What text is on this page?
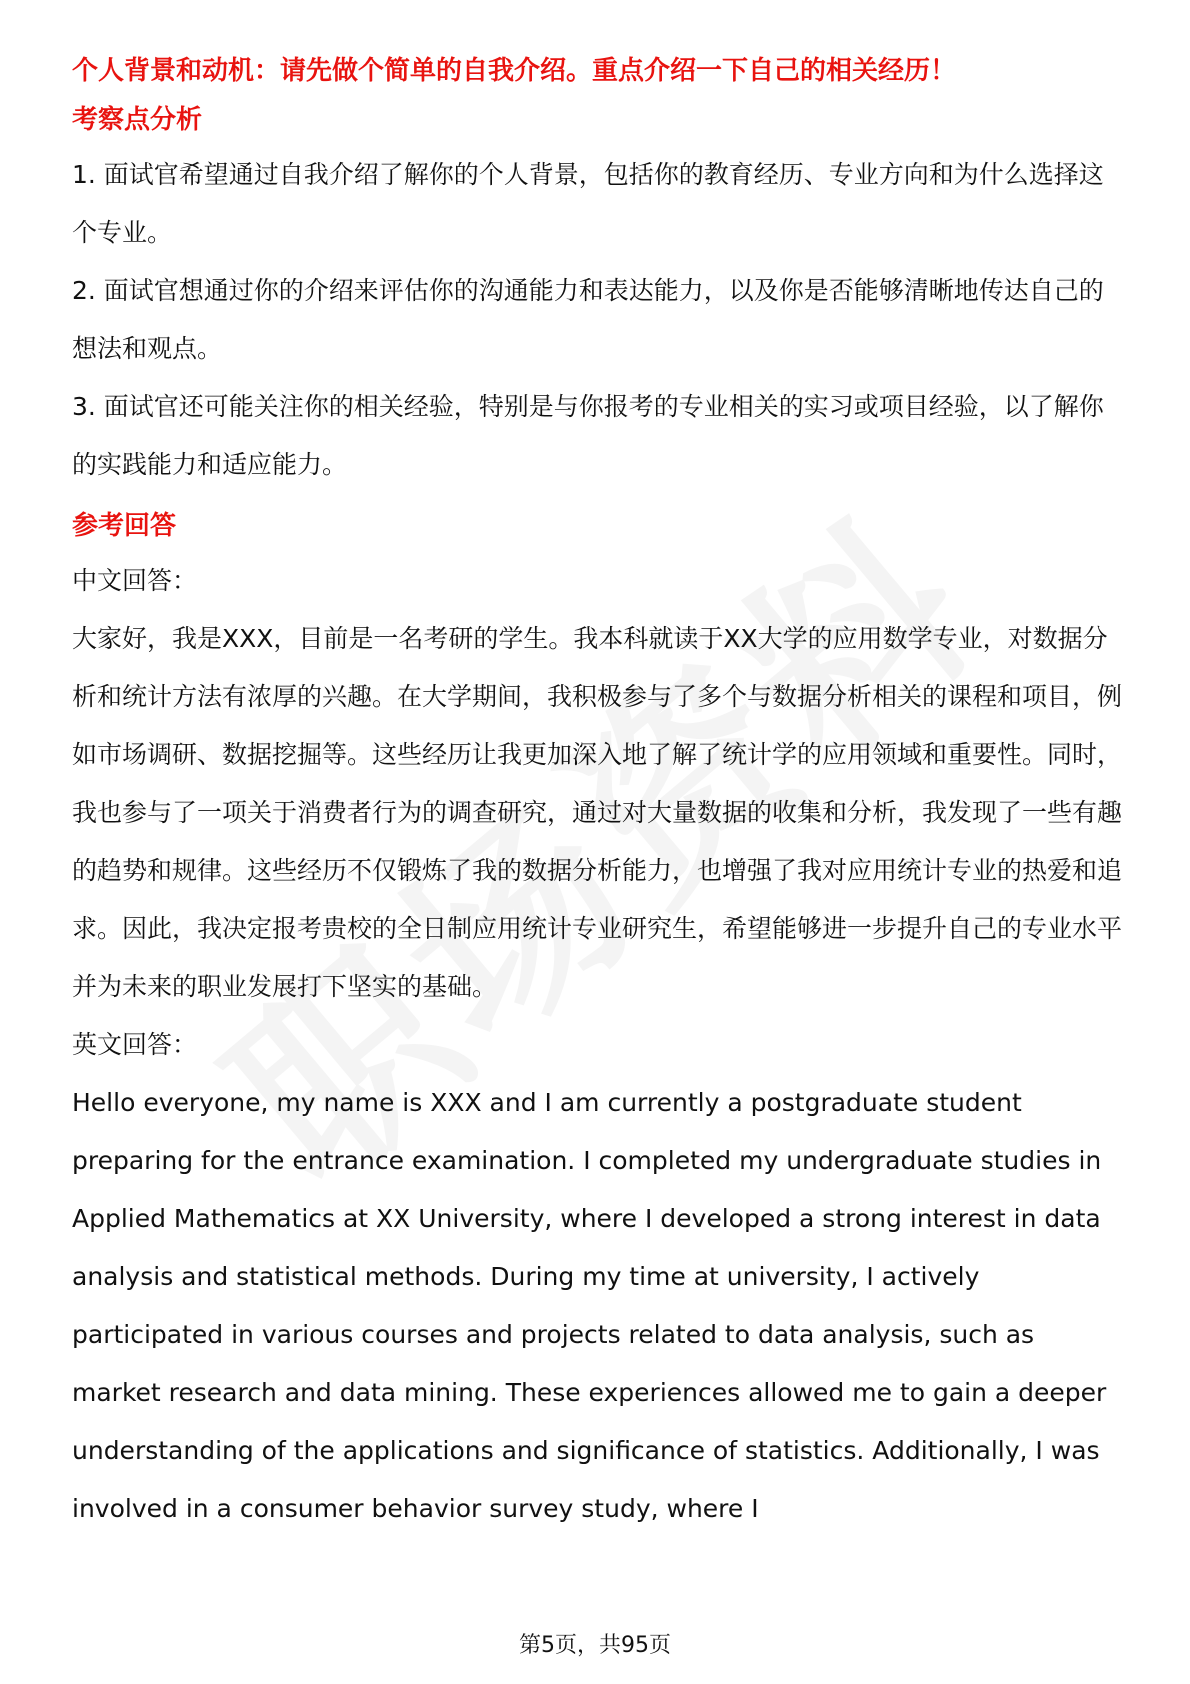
个人背景和动机：请先做个简单的自我介绍。重点介绍一下自己的相关经历！
考察点分析

1. 面试官希望通过自我介绍了解你的个人背景，包括你的教育经历、专业方向和为什么选择这个专业。

2. 面试官想通过你的介绍来评估你的沟通能力和表达能力，以及你是否能够清晰地传达自己的想法和观点。

3. 面试官还可能关注你的相关经验，特别是与你报考的专业相关的实习或项目经验，以了解你的实践能力和适应能力。

参考回答

中文回答：

大家好，我是XXX，目前是一名考研的学生。我本科就读于XX大学的应用数学专业，对数据分析和统计方法有浓厚的兴趣。在大学期间，我积极参与了多个与数据分析相关的课程和项目，例如市场调研、数据挖掘等。这些经历让我更加深入地了解了统计学的应用领域和重要性。同时，我也参与了一项关于消费者行为的调查研究，通过对大量数据的收集和分析，我发现了一些有趣的趋势和规律。这些经历不仅锻炼了我的数据分析能力，也增强了我对应用统计专业的热爱和追求。因此，我决定报考贵校的全日制应用统计专业研究生，希望能够进一步提升自己的专业水平并为未来的职业发展打下坚实的基础。

英文回答：

Hello everyone, my name is XXX and I am currently a postgraduate student preparing for the entrance examination. I completed my undergraduate studies in Applied Mathematics at XX University, where I developed a strong interest in data analysis and statistical methods. During my time at university, I actively participated in various courses and projects related to data analysis, such as market research and data mining. These experiences allowed me to gain a deeper understanding of the applications and significance of statistics. Additionally, I was involved in a consumer behavior survey study, where I

第5页，共95页
